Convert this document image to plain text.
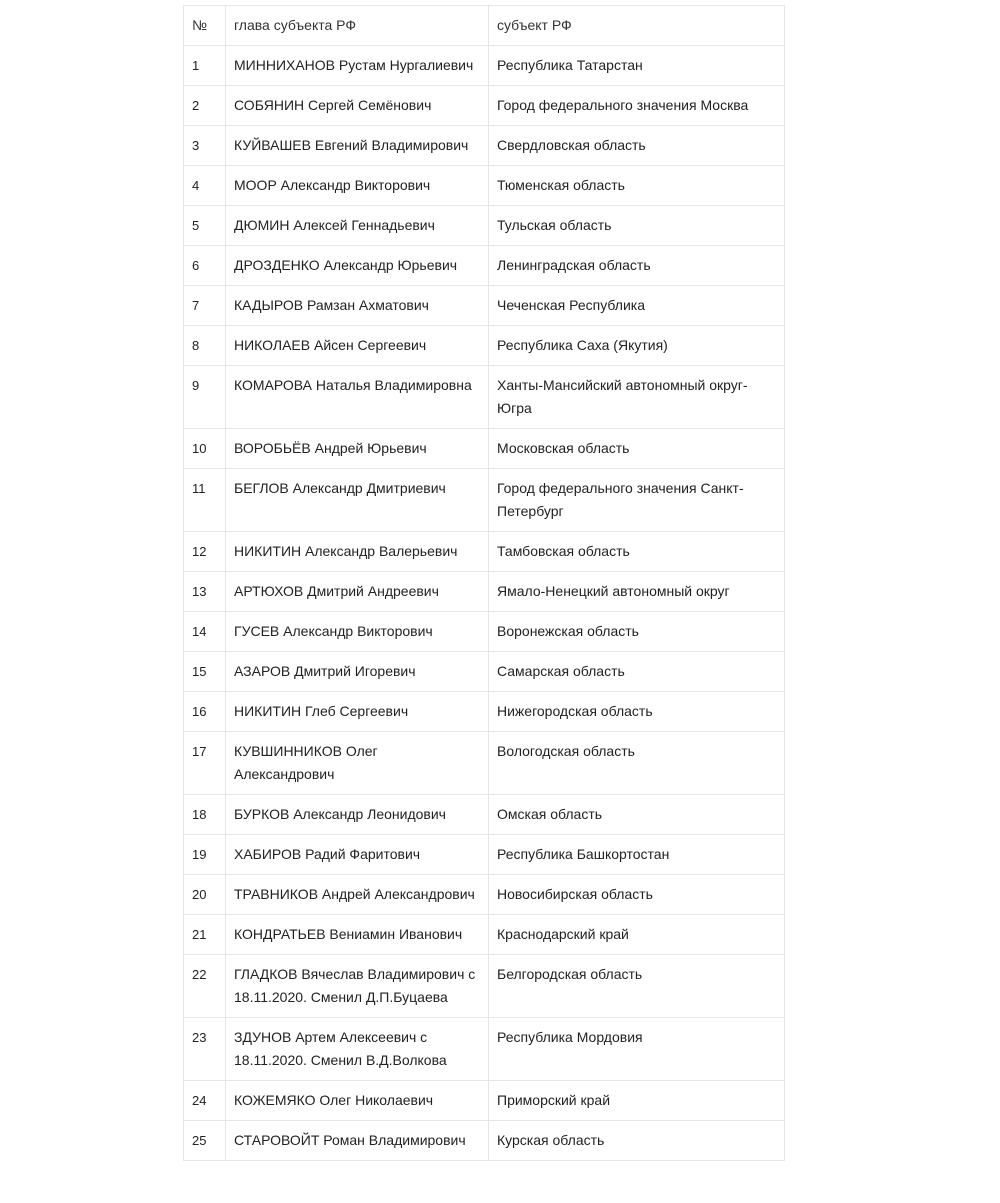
№	глава субъекта РФ	субъект РФ
1	МИННИХАНОВ Рустам Нургалиевич	Республика Татарстан
2	СОБЯНИН Сергей Семёнович	Город федерального значения Москва
3	КУЙВАШЕВ Евгений Владимирович	Свердловская область
4	МООР Александр Викторович	Тюменская область
5	ДЮМИН Алексей Геннадьевич	Тульская область
6	ДРОЗДЕНКО Александр Юрьевич	Ленинградская область
7	КАДЫРОВ Рамзан Ахматович	Чеченская Республика
8	НИКОЛАЕВ Айсен Сергеевич	Республика Саха (Якутия)
9	КОМАРОВА Наталья Владимировна	Ханты-Мансийский автономный округ-Югра
10	ВОРОБЬЁВ Андрей Юрьевич	Московская область
11	БЕГЛОВ Александр Дмитриевич	Город федерального значения Санкт-Петербург
12	НИКИТИН Александр Валерьевич	Тамбовская область
13	АРТЮХОВ Дмитрий Андреевич	Ямало-Ненецкий автономный округ
14	ГУСЕВ Александр Викторович	Воронежская область
15	АЗАРОВ Дмитрий Игоревич	Самарская область
16	НИКИТИН Глеб Сергеевич	Нижегородская область
17	КУВШИННИКОВ Олег Александрович	Вологодская область
18	БУРКОВ Александр Леонидович	Омская область
19	ХАБИРОВ Радий Фаритович	Республика Башкортостан
20	ТРАВНИКОВ Андрей Александрович	Новосибирская область
21	КОНДРАТЬЕВ Вениамин Иванович	Краснодарский край
22	ГЛАДКОВ Вячеслав Владимирович с 18.11.2020. Сменил Д.П.Буцаева	Белгородская область
23	ЗДУНОВ Артем Алексеевич с 18.11.2020. Сменил В.Д.Волкова	Республика Мордовия
24	КОЖЕМЯКО Олег Николаевич	Приморский край
25	СТАРОВОЙТ Роман Владимирович	Курская область
